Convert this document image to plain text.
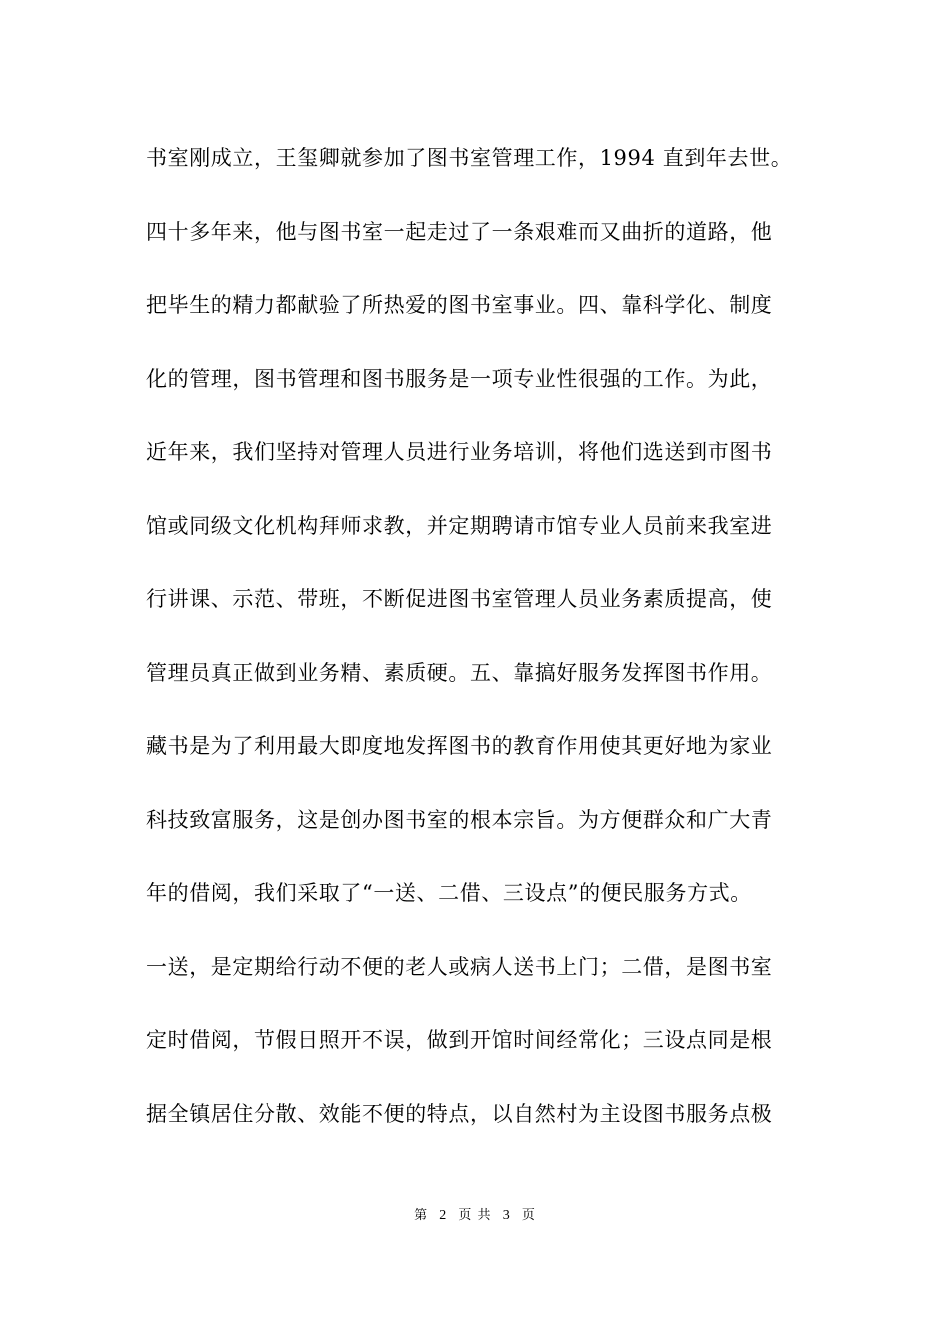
书室刚成立，王玺卿就参加了图书室管理工作，1994 直到年去世。
四十多年来，他与图书室一起走过了一条艰难而又曲折的道路，他
把毕生的精力都献验了所热爱的图书室事业。四、靠科学化、制度
化的管理，图书管理和图书服务是一项专业性很强的工作。为此，
近年来，我们坚持对管理人员进行业务培训，将他们选送到市图书
馆或同级文化机构拜师求教，并定期聘请市馆专业人员前来我室进
行讲课、示范、带班，不断促进图书室管理人员业务素质提高，使
管理员真正做到业务精、素质硬。五、靠搞好服务发挥图书作用。
藏书是为了利用最大即度地发挥图书的教育作用使其更好地为家业
科技致富服务，这是创办图书室的根本宗旨。为方便群众和广大青
年的借阅，我们采取了“一送、二借、三设点”的便民服务方式。
一送，是定期给行动不便的老人或病人送书上门；二借，是图书室
定时借阅，节假日照开不误，做到开馆时间经常化；三设点同是根
据全镇居住分散、效能不便的特点，以自然村为主设图书服务点极
第 2 页 共 3 页
